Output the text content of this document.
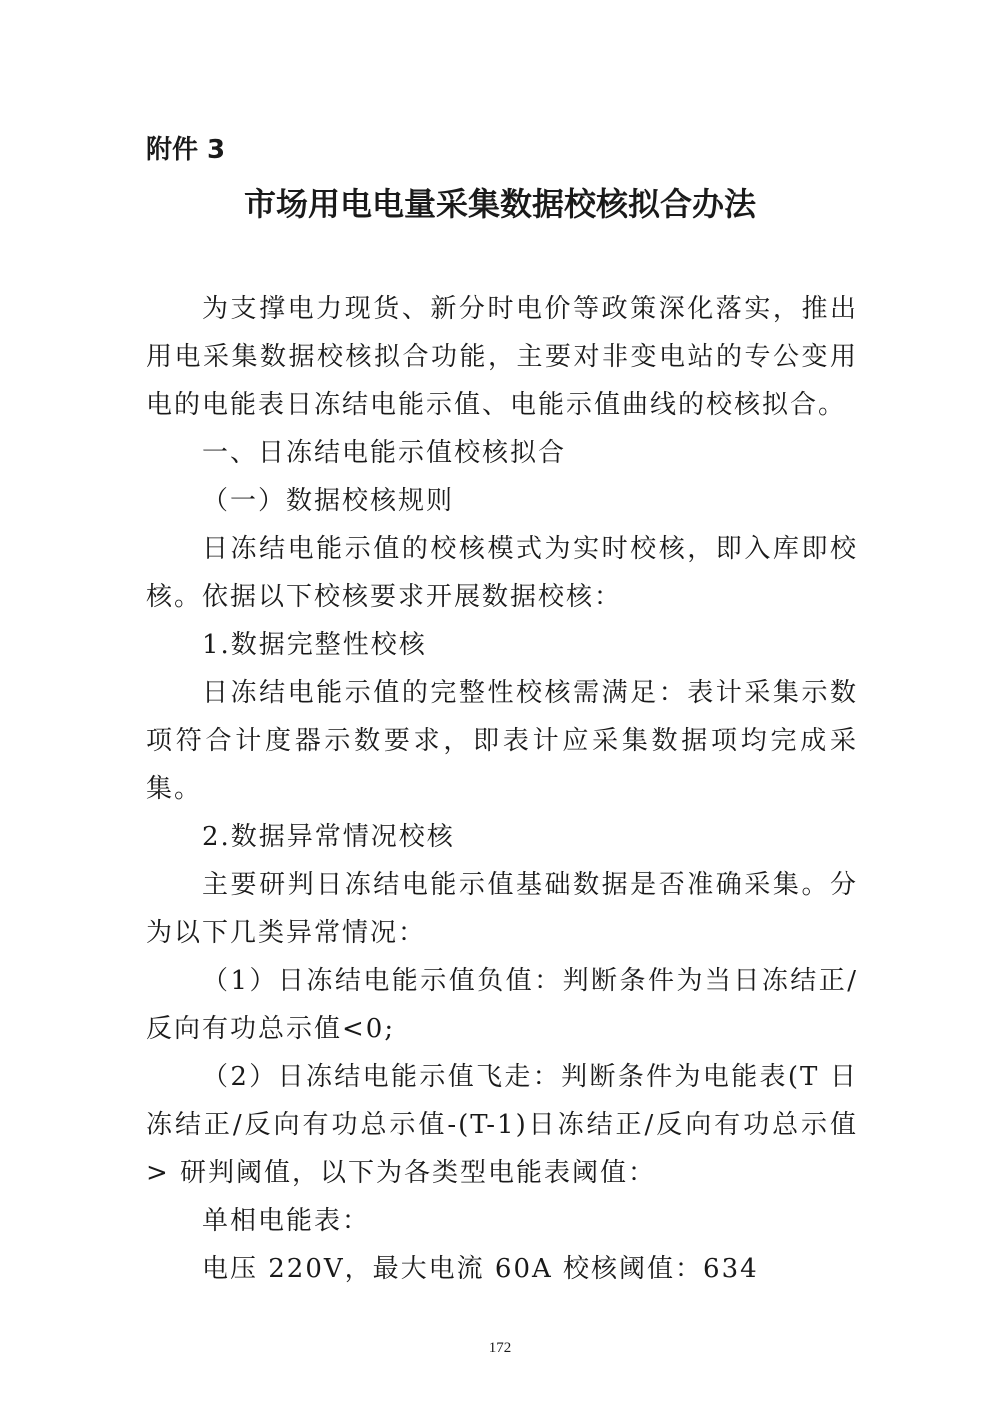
附件 3
市场用电电量采集数据校核拟合办法

为支撑电力现货、新分时电价等政策深化落实，推出用电采集数据校核拟合功能，主要对非变电站的专公变用电的电能表日冻结电能示值、电能示值曲线的校核拟合。

一、日冻结电能示值校核拟合

（一）数据校核规则

日冻结电能示值的校核模式为实时校核，即入库即校核。依据以下校核要求开展数据校核：

1.数据完整性校核

日冻结电能示值的完整性校核需满足：表计采集示数项符合计度器示数要求，即表计应采集数据项均完成采集。

2.数据异常情况校核

主要研判日冻结电能示值基础数据是否准确采集。分为以下几类异常情况：

（1）日冻结电能示值负值：判断条件为当日冻结正/反向有功总示值<0;

（2）日冻结电能示值飞走：判断条件为电能表(T 日冻结正/反向有功总示值-(T-1)日冻结正/反向有功总示值 > 研判阈值，以下为各类型电能表阈值：

单相电能表：

电压 220V，最大电流 60A 校核阈值：634

172
